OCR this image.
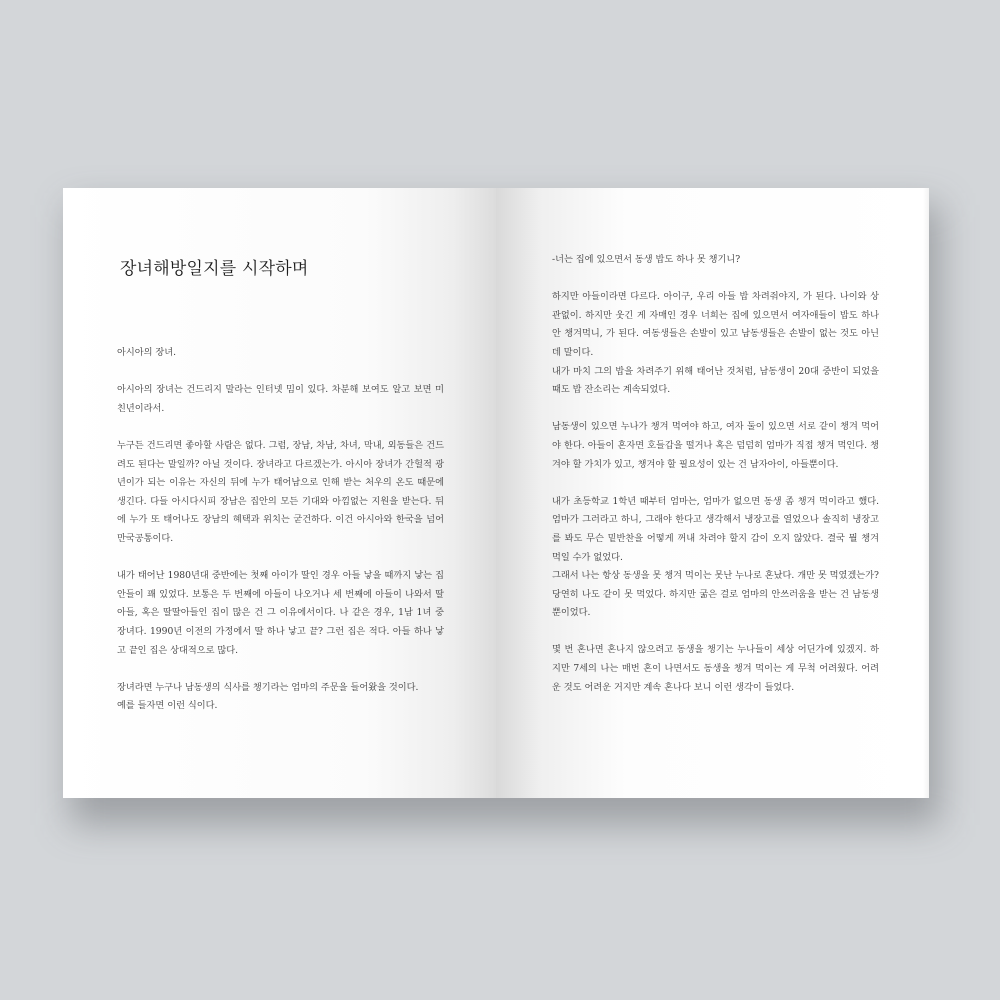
장녀해방일지를 시작하며

아시아의 장녀.

아시아의 장녀는 건드리지 말라는 인터넷 밈이 있다. 차분해 보여도 알고 보면 미친년이라서.

누구든 건드리면 좋아할 사람은 없다. 그럼, 장남, 차남, 차녀, 막내, 외동들은 건드려도 된다는 말일까? 아닐 것이다. 장녀라고 다르겠는가. 아시아 장녀가 간헐적 광년이가 되는 이유는 자신의 뒤에 누가 태어남으로 인해 받는 처우의 온도 때문에 생긴다. 다들 아시다시피 장남은 집안의 모든 기대와 아낌없는 지원을 받는다. 뒤에 누가 또 태어나도 장남의 혜택과 위치는 굳건하다. 이건 아시아와 한국을 넘어 만국공통이다.

내가 태어난 1980년대 중반에는 첫째 아이가 딸인 경우 아들 낳을 때까지 낳는 집안들이 꽤 있었다. 보통은 두 번째에 아들이 나오거나 세 번째에 아들이 나와서 딸 아들, 혹은 딸딸아들인 집이 많은 건 그 이유에서이다. 나 같은 경우, 1남 1녀 중 장녀다. 1990년 이전의 가정에서 딸 하나 낳고 끝? 그런 집은 적다. 아들 하나 낳고 끝인 집은 상대적으로 많다.

장녀라면 누구나 남동생의 식사를 챙기라는 엄마의 주문을 들어왔을 것이다.
예를 들자면 이런 식이다.

-너는 집에 있으면서 동생 밥도 하나 못 챙기니?

하지만 아들이라면 다르다. 아이구, 우리 아들 밥 차려줘야지, 가 된다. 나이와 상관없이. 하지만 웃긴 게 자매인 경우 너희는 집에 있으면서 여자애들이 밥도 하나 안 챙겨먹니, 가 된다. 여동생들은 손발이 있고 남동생들은 손발이 없는 것도 아닌데 말이다.
내가 마치 그의 밥을 차려주기 위해 태어난 것처럼, 남동생이 20대 중반이 되었을 때도 밥 잔소리는 계속되었다.

남동생이 있으면 누나가 챙겨 먹여야 하고, 여자 둘이 있으면 서로 같이 챙겨 먹어야 한다. 아들이 혼자면 호들갑을 떨거나 혹은 덤덤히 엄마가 직접 챙겨 먹인다. 챙겨야 할 가치가 있고, 챙겨야 할 필요성이 있는 건 남자아이, 아들뿐이다.

내가 초등학교 1학년 때부터 엄마는, 엄마가 없으면 동생 좀 챙겨 먹이라고 했다. 엄마가 그러라고 하니, 그래야 한다고 생각해서 냉장고를 열었으나 솔직히 냉장고를 봐도 무슨 밑반찬을 어떻게 꺼내 차려야 할지 감이 오지 않았다. 결국 뭘 챙겨 먹일 수가 없었다.
그래서 나는 항상 동생을 못 챙겨 먹이는 못난 누나로 혼났다. 개만 못 먹였겠는가? 당연히 나도 같이 못 먹었다. 하지만 굶은 걸로 엄마의 안쓰러움을 받는 건 남동생뿐이었다.

몇 번 혼나면 혼나지 않으려고 동생을 챙기는 누나들이 세상 어딘가에 있겠지. 하지만 7세의 나는 매번 혼이 나면서도 동생을 챙겨 먹이는 게 무척 어려웠다. 어려운 것도 어려운 거지만 계속 혼나다 보니 이런 생각이 들었다.
